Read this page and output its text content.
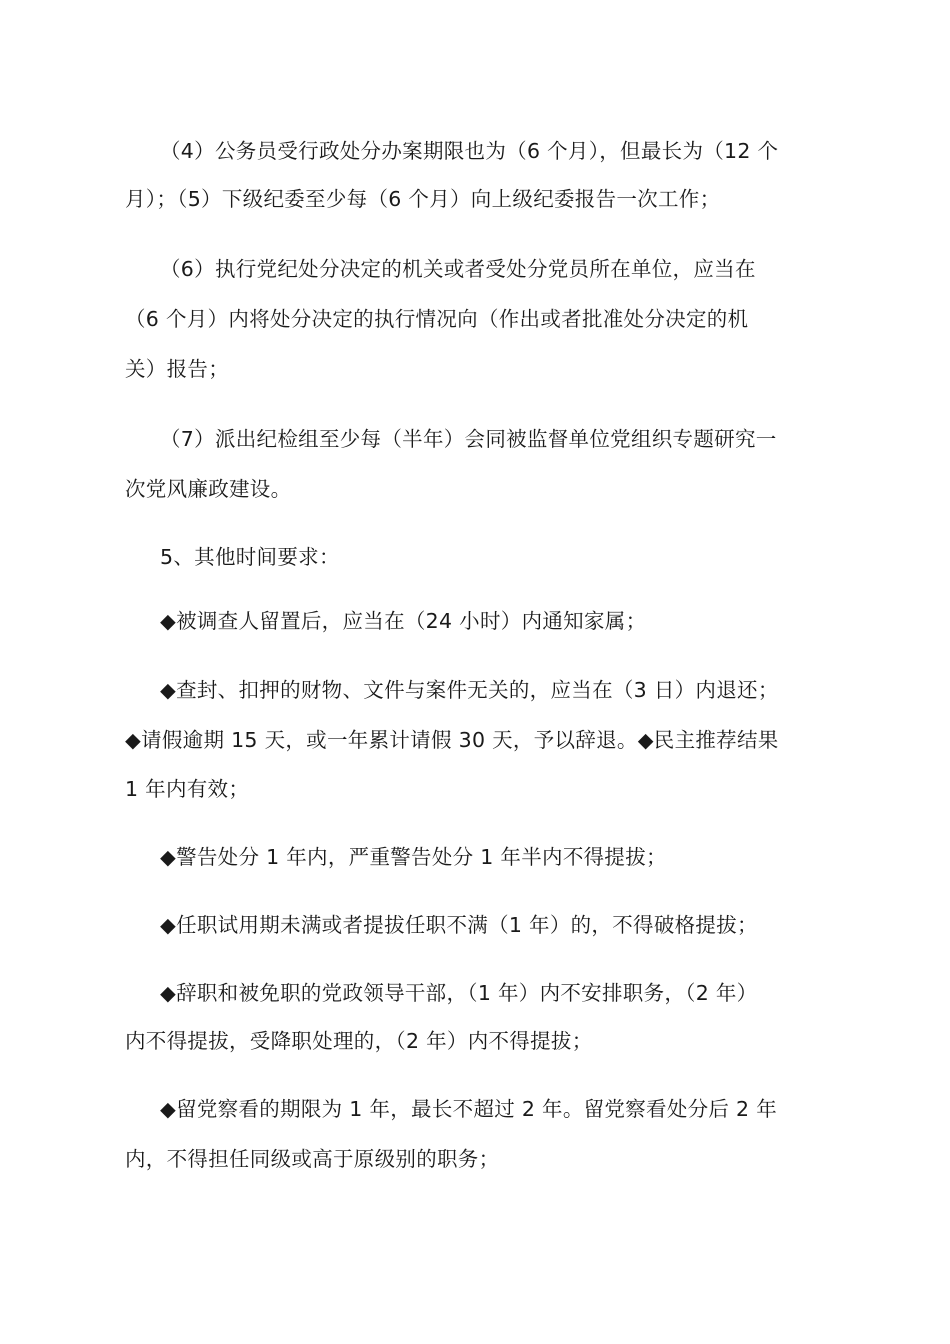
（4）公务员受行政处分办案期限也为（6 个月），但最长为（12 个
月）；（5）下级纪委至少每（6 个月）向上级纪委报告一次工作；
（6）执行党纪处分决定的机关或者受处分党员所在单位，应当在
（6 个月）内将处分决定的执行情况向（作出或者批准处分决定的机
关）报告；
（7）派出纪检组至少每（半年）会同被监督单位党组织专题研究一
次党风廉政建设。
5、其他时间要求：
◆被调查人留置后，应当在（24 小时）内通知家属；
◆查封、扣押的财物、文件与案件无关的，应当在（3 日）内退还；
◆请假逾期 15 天，或一年累计请假 30 天，予以辞退。◆民主推荐结果
1 年内有效；
◆警告处分 1 年内，严重警告处分 1 年半内不得提拔；
◆任职试用期未满或者提拔任职不满（1 年）的，不得破格提拔；
◆辞职和被免职的党政领导干部，（1 年）内不安排职务，（2 年）
内不得提拔，受降职处理的，（2 年）内不得提拔；
◆留党察看的期限为 1 年，最长不超过 2 年。留党察看处分后 2 年
内，不得担任同级或高于原级别的职务；
